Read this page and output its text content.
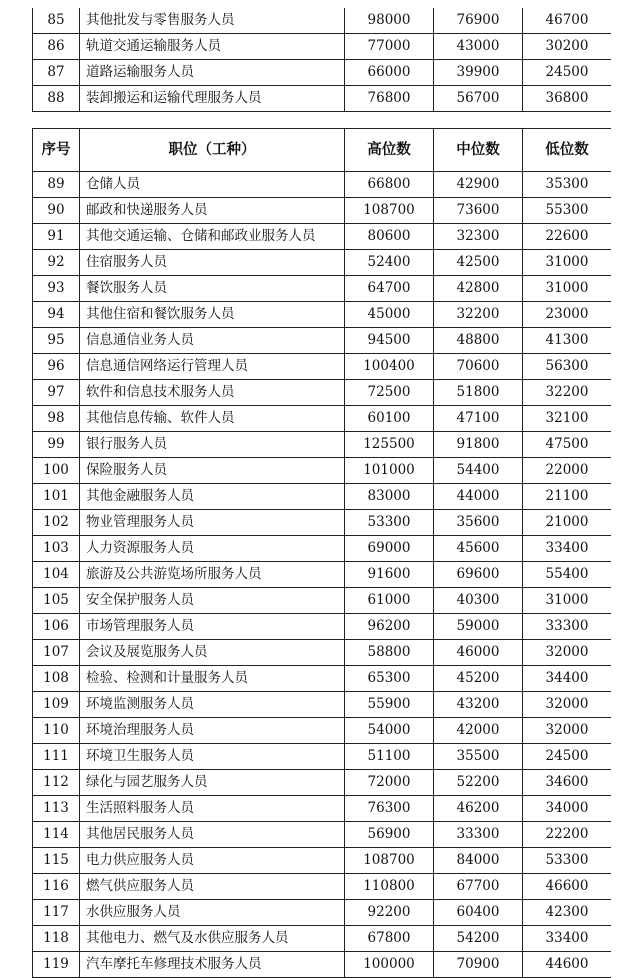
85	其他批发与零售服务人员	98000	76900	46700
86	轨道交通运输服务人员	77000	43000	30200
87	道路运输服务人员	66000	39900	24500
88	装卸搬运和运输代理服务人员	76800	56700	36800
序号	职位（工种）	高位数	中位数	低位数
89	仓储人员	66800	42900	35300
90	邮政和快递服务人员	108700	73600	55300
91	其他交通运输、仓储和邮政业服务人员	80600	32300	22600
92	住宿服务人员	52400	42500	31000
93	餐饮服务人员	64700	42800	31000
94	其他住宿和餐饮服务人员	45000	32200	23000
95	信息通信业务人员	94500	48800	41300
96	信息通信网络运行管理人员	100400	70600	56300
97	软件和信息技术服务人员	72500	51800	32200
98	其他信息传输、软件人员	60100	47100	32100
99	银行服务人员	125500	91800	47500
100	保险服务人员	101000	54400	22000
101	其他金融服务人员	83000	44000	21100
102	物业管理服务人员	53300	35600	21000
103	人力资源服务人员	69000	45600	33400
104	旅游及公共游览场所服务人员	91600	69600	55400
105	安全保护服务人员	61000	40300	31000
106	市场管理服务人员	96200	59000	33300
107	会议及展览服务人员	58800	46000	32000
108	检验、检测和计量服务人员	65300	45200	34400
109	环境监测服务人员	55900	43200	32000
110	环境治理服务人员	54000	42000	32000
111	环境卫生服务人员	51100	35500	24500
112	绿化与园艺服务人员	72000	52200	34600
113	生活照料服务人员	76300	46200	34000
114	其他居民服务人员	56900	33300	22200
115	电力供应服务人员	108700	84000	53300
116	燃气供应服务人员	110800	67700	46600
117	水供应服务人员	92200	60400	42300
118	其他电力、燃气及水供应服务人员	67800	54200	33400
119	汽车摩托车修理技术服务人员	100000	70900	44600
